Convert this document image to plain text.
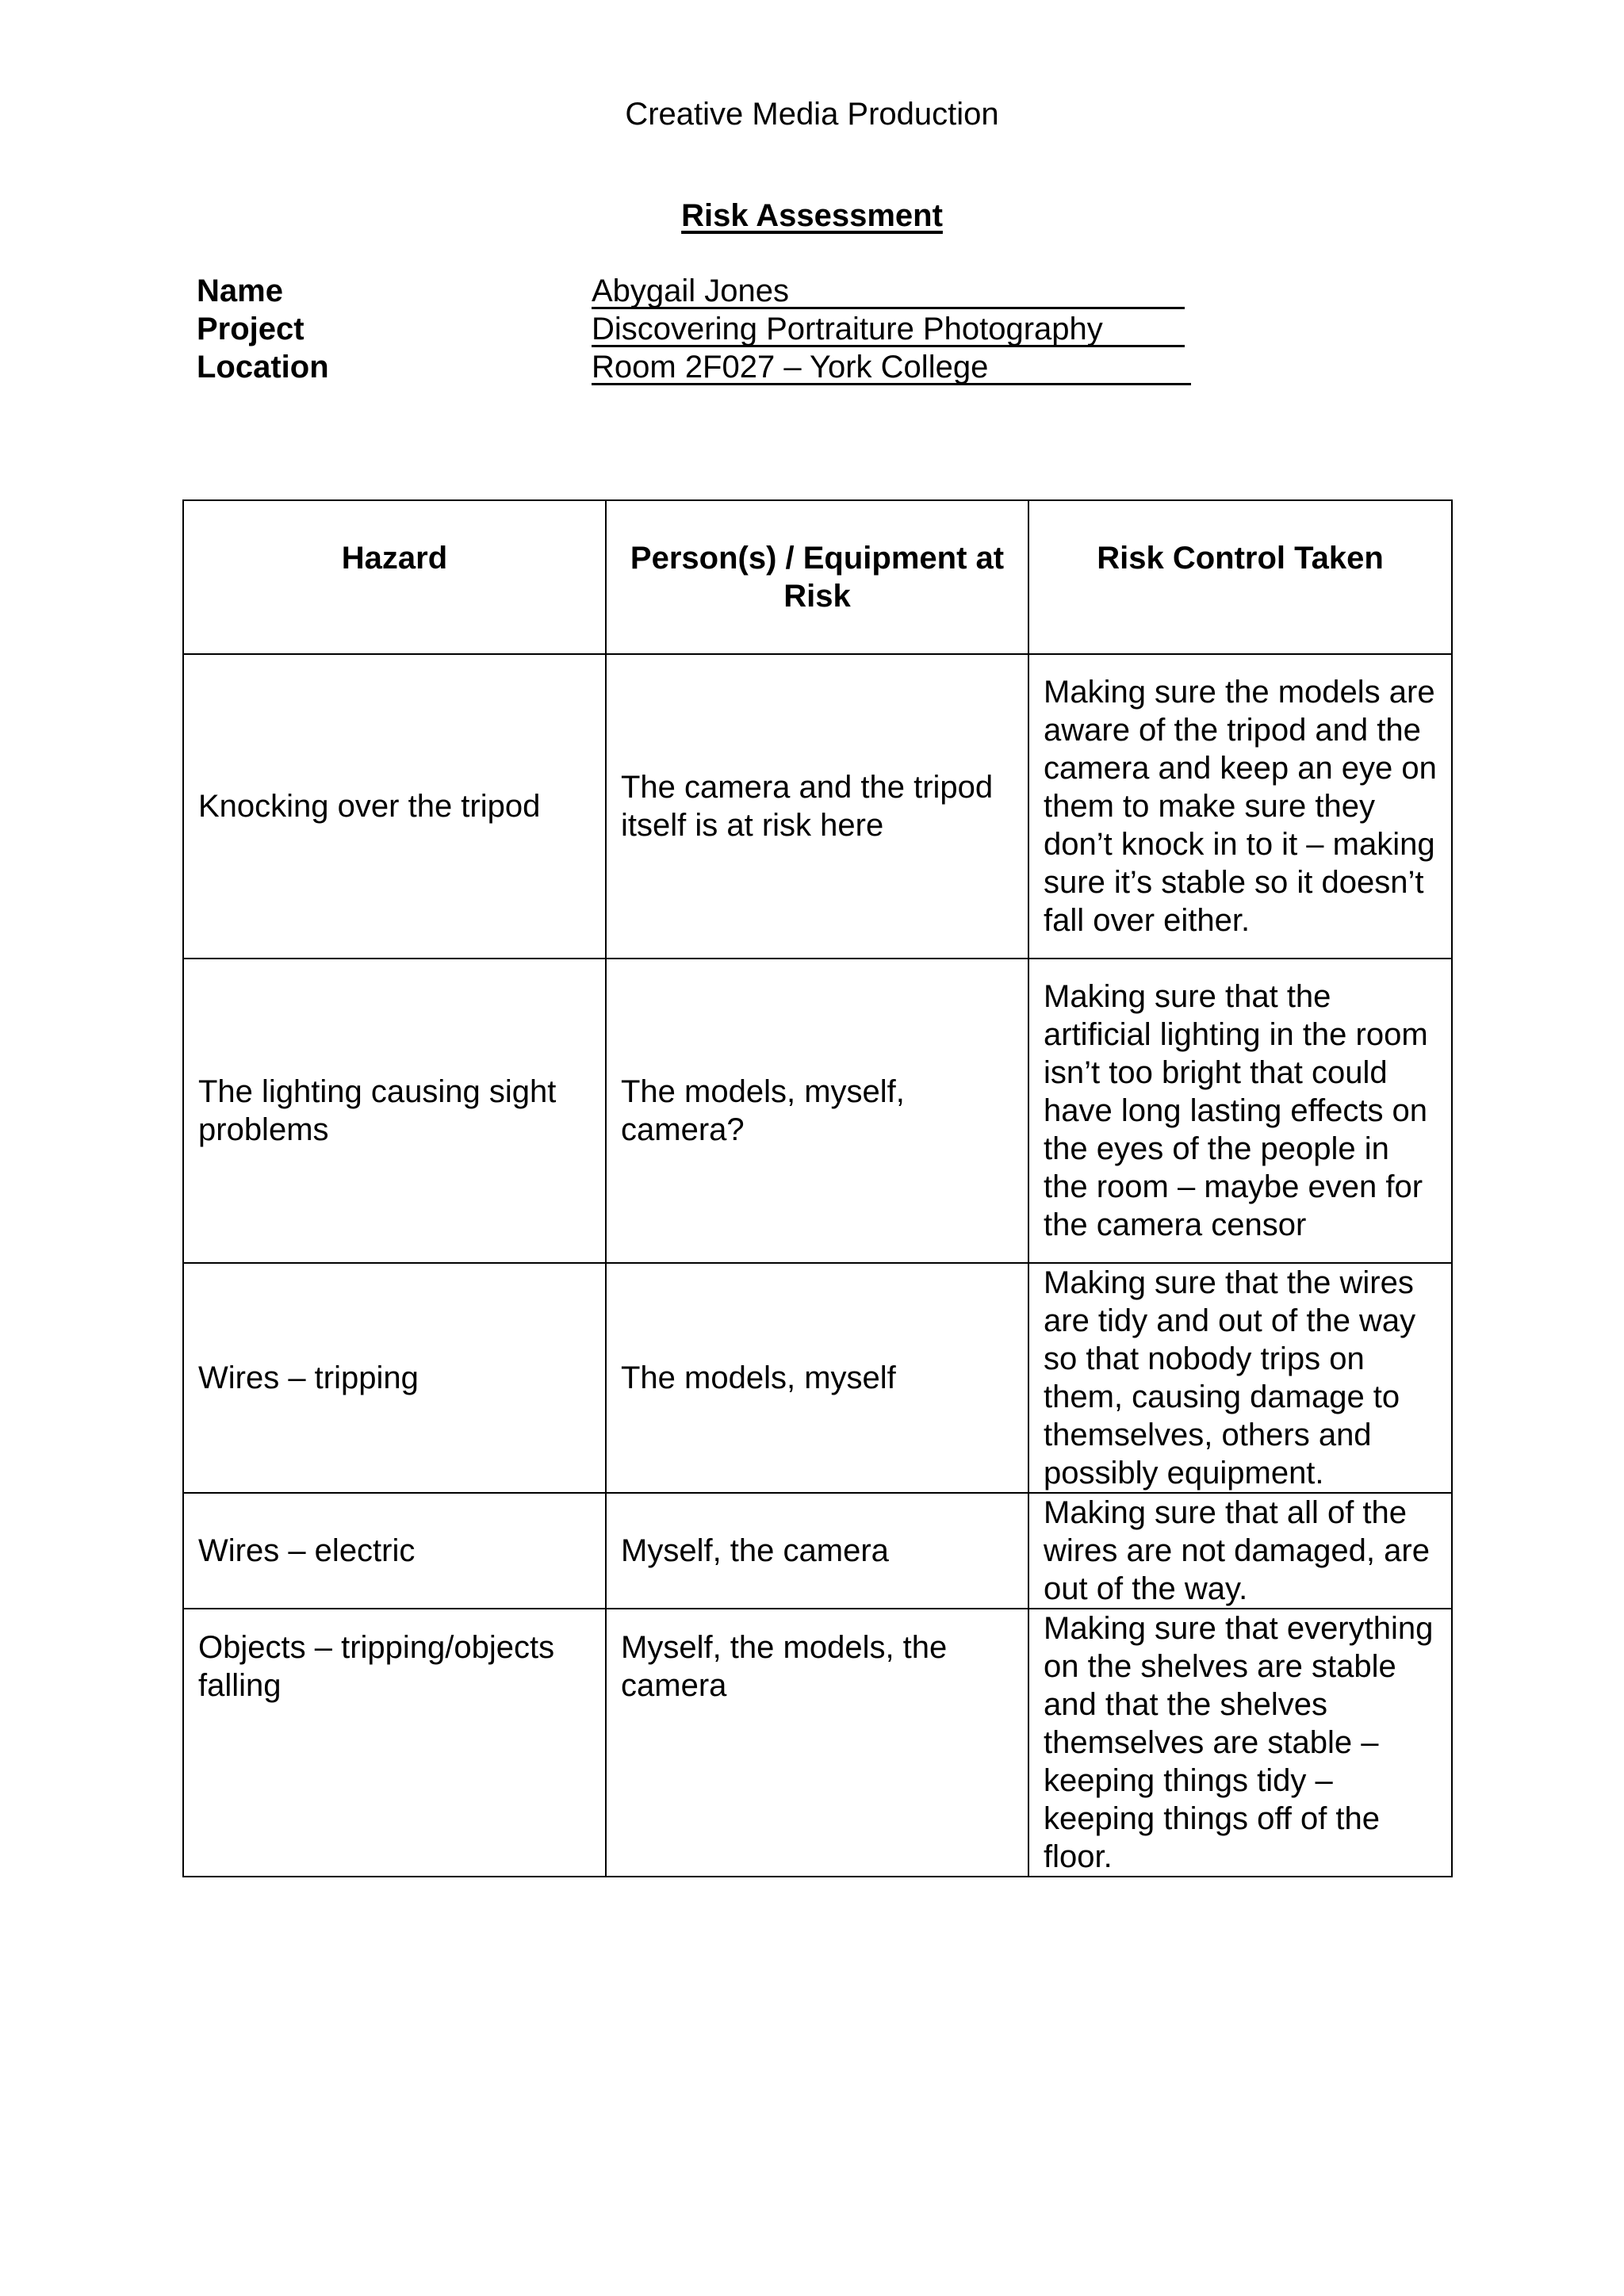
Creative Media Production
Risk Assessment
Name	Abygail Jones
Project	Discovering Portraiture Photography
Location	Room 2F027 – York College
Hazard	Person(s) / Equipment at Risk	Risk Control Taken
Knocking over the tripod	The camera and the tripod itself is at risk here	Making sure the models are aware of the tripod and the camera and keep an eye on them to make sure they don’t knock in to it – making sure it’s stable so it doesn’t fall over either.
The lighting causing sight problems	The models, myself, camera?	Making sure that the artificial lighting in the room isn’t too bright that could have long lasting effects on the eyes of the people in the room – maybe even for the camera censor
Wires – tripping	The models, myself	Making sure that the wires are tidy and out of the way so that nobody trips on them, causing damage to themselves, others and possibly equipment.
Wires – electric	Myself, the camera	Making sure that all of the wires are not damaged, are out of the way.
Objects – tripping/objects falling	Myself, the models, the camera	Making sure that everything on the shelves are stable and that the shelves themselves are stable – keeping things tidy – keeping things off of the floor.
